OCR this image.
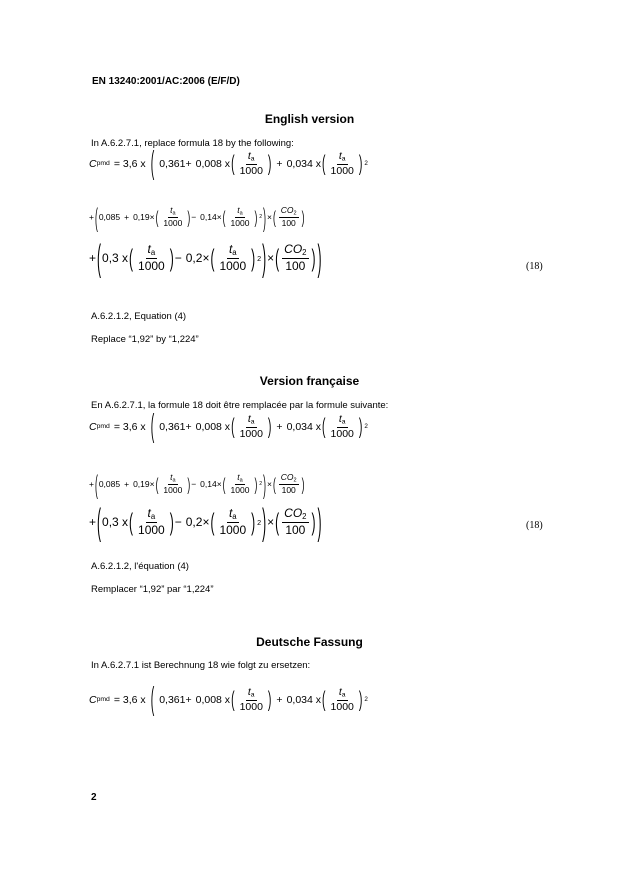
EN 13240:2001/AC:2006 (E/F/D)
English version
In A.6.2.7.1, replace formula 18 by the following:
C pmd = 3,6 x ( 0,361 + 0,008 x ( $\frac{t_a}{1000}$ ) + 0,034 x ( $\frac{t_a}{1000}$ ) 2
+ ( 0,085 + 0,19 × ( $\frac{t_a}{1000}$ ) − 0,14 × ( $\frac{t_a}{1000}$ ) 2 ) × ( $\frac{CO_2}{100}$ )
+ ( 0,3 x ( $\frac{t_a}{1000}$ ) − 0,2 × ( $\frac{t_a}{1000}$ ) 2 ) × ( $\frac{CO_2}{100}$ ) )	(18)
A.6.2.1.2, Equation (4)
Replace “1,92” by “1,224”
Version française
En A.6.2.7.1, la formule 18 doit être remplacée par la formule suivante:
C pmd = 3,6 x ( 0,361 + 0,008 x ( $\frac{t_a}{1000}$ ) + 0,034 x ( $\frac{t_a}{1000}$ ) 2
+ ( 0,085 + 0,19 × ( $\frac{t_a}{1000}$ ) − 0,14 × ( $\frac{t_a}{1000}$ ) 2 ) × ( $\frac{CO_2}{100}$ )
+ ( 0,3 x ( $\frac{t_a}{1000}$ ) − 0,2 × ( $\frac{t_a}{1000}$ ) 2 ) × ( $\frac{CO_2}{100}$ ) )	(18)
A.6.2.1.2, l'équation (4)
Remplacer “1,92” par “1,224”
Deutsche Fassung
In A.6.2.7.1 ist Berechnung 18 wie folgt zu ersetzen:
C pmd = 3,6 x ( 0,361 + 0,008 x ( $\frac{t_a}{1000}$ ) + 0,034 x ( $\frac{t_a}{1000}$ ) 2
2
